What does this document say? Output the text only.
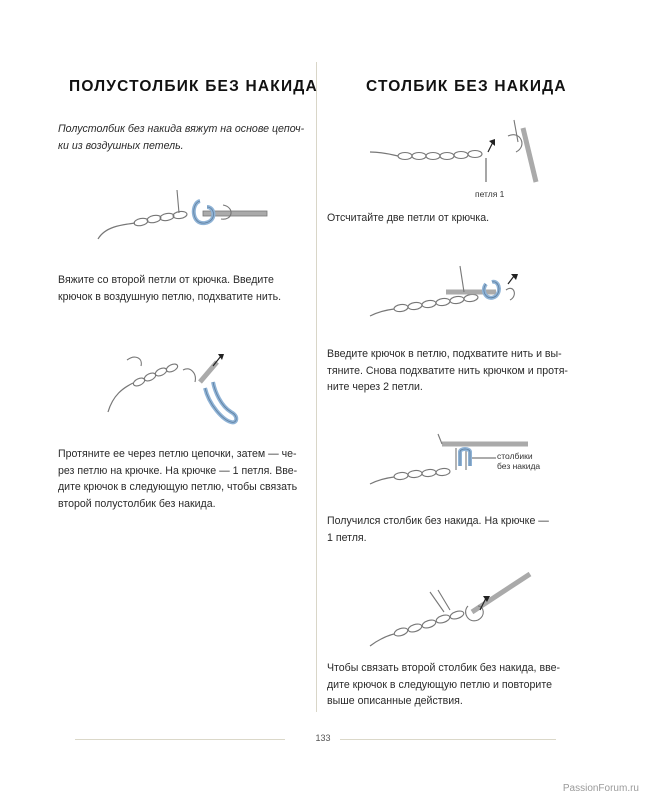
ПОЛУСТОЛБИК БЕЗ НАКИДА
Полустолбик без накида вяжут на основе цепоч-
ки из воздушных петель.
Вяжите со второй петли от крючка. Введите
крючок в воздушную петлю, подхватите нить.
Протяните ее через петлю цепочки, затем — че-
рез петлю на крючке. На крючке — 1 петля. Вве-
дите крючок в следующую петлю, чтобы связать
второй полустолбик без накида.
СТОЛБИК БЕЗ НАКИДА
петля 1
Отсчитайте две петли от крючка.
Введите крючок в петлю, подхватите нить и вы-
тяните. Снова подхватите нить крючком и протя-
ните через 2 петли.
столбики
без накида
Получился столбик без накида. На крючке —
1 петля.
Чтобы связать второй столбик без накида, вве-
дите крючок в следующую петлю и повторите
выше описанные действия.
133
PassionForum.ru
